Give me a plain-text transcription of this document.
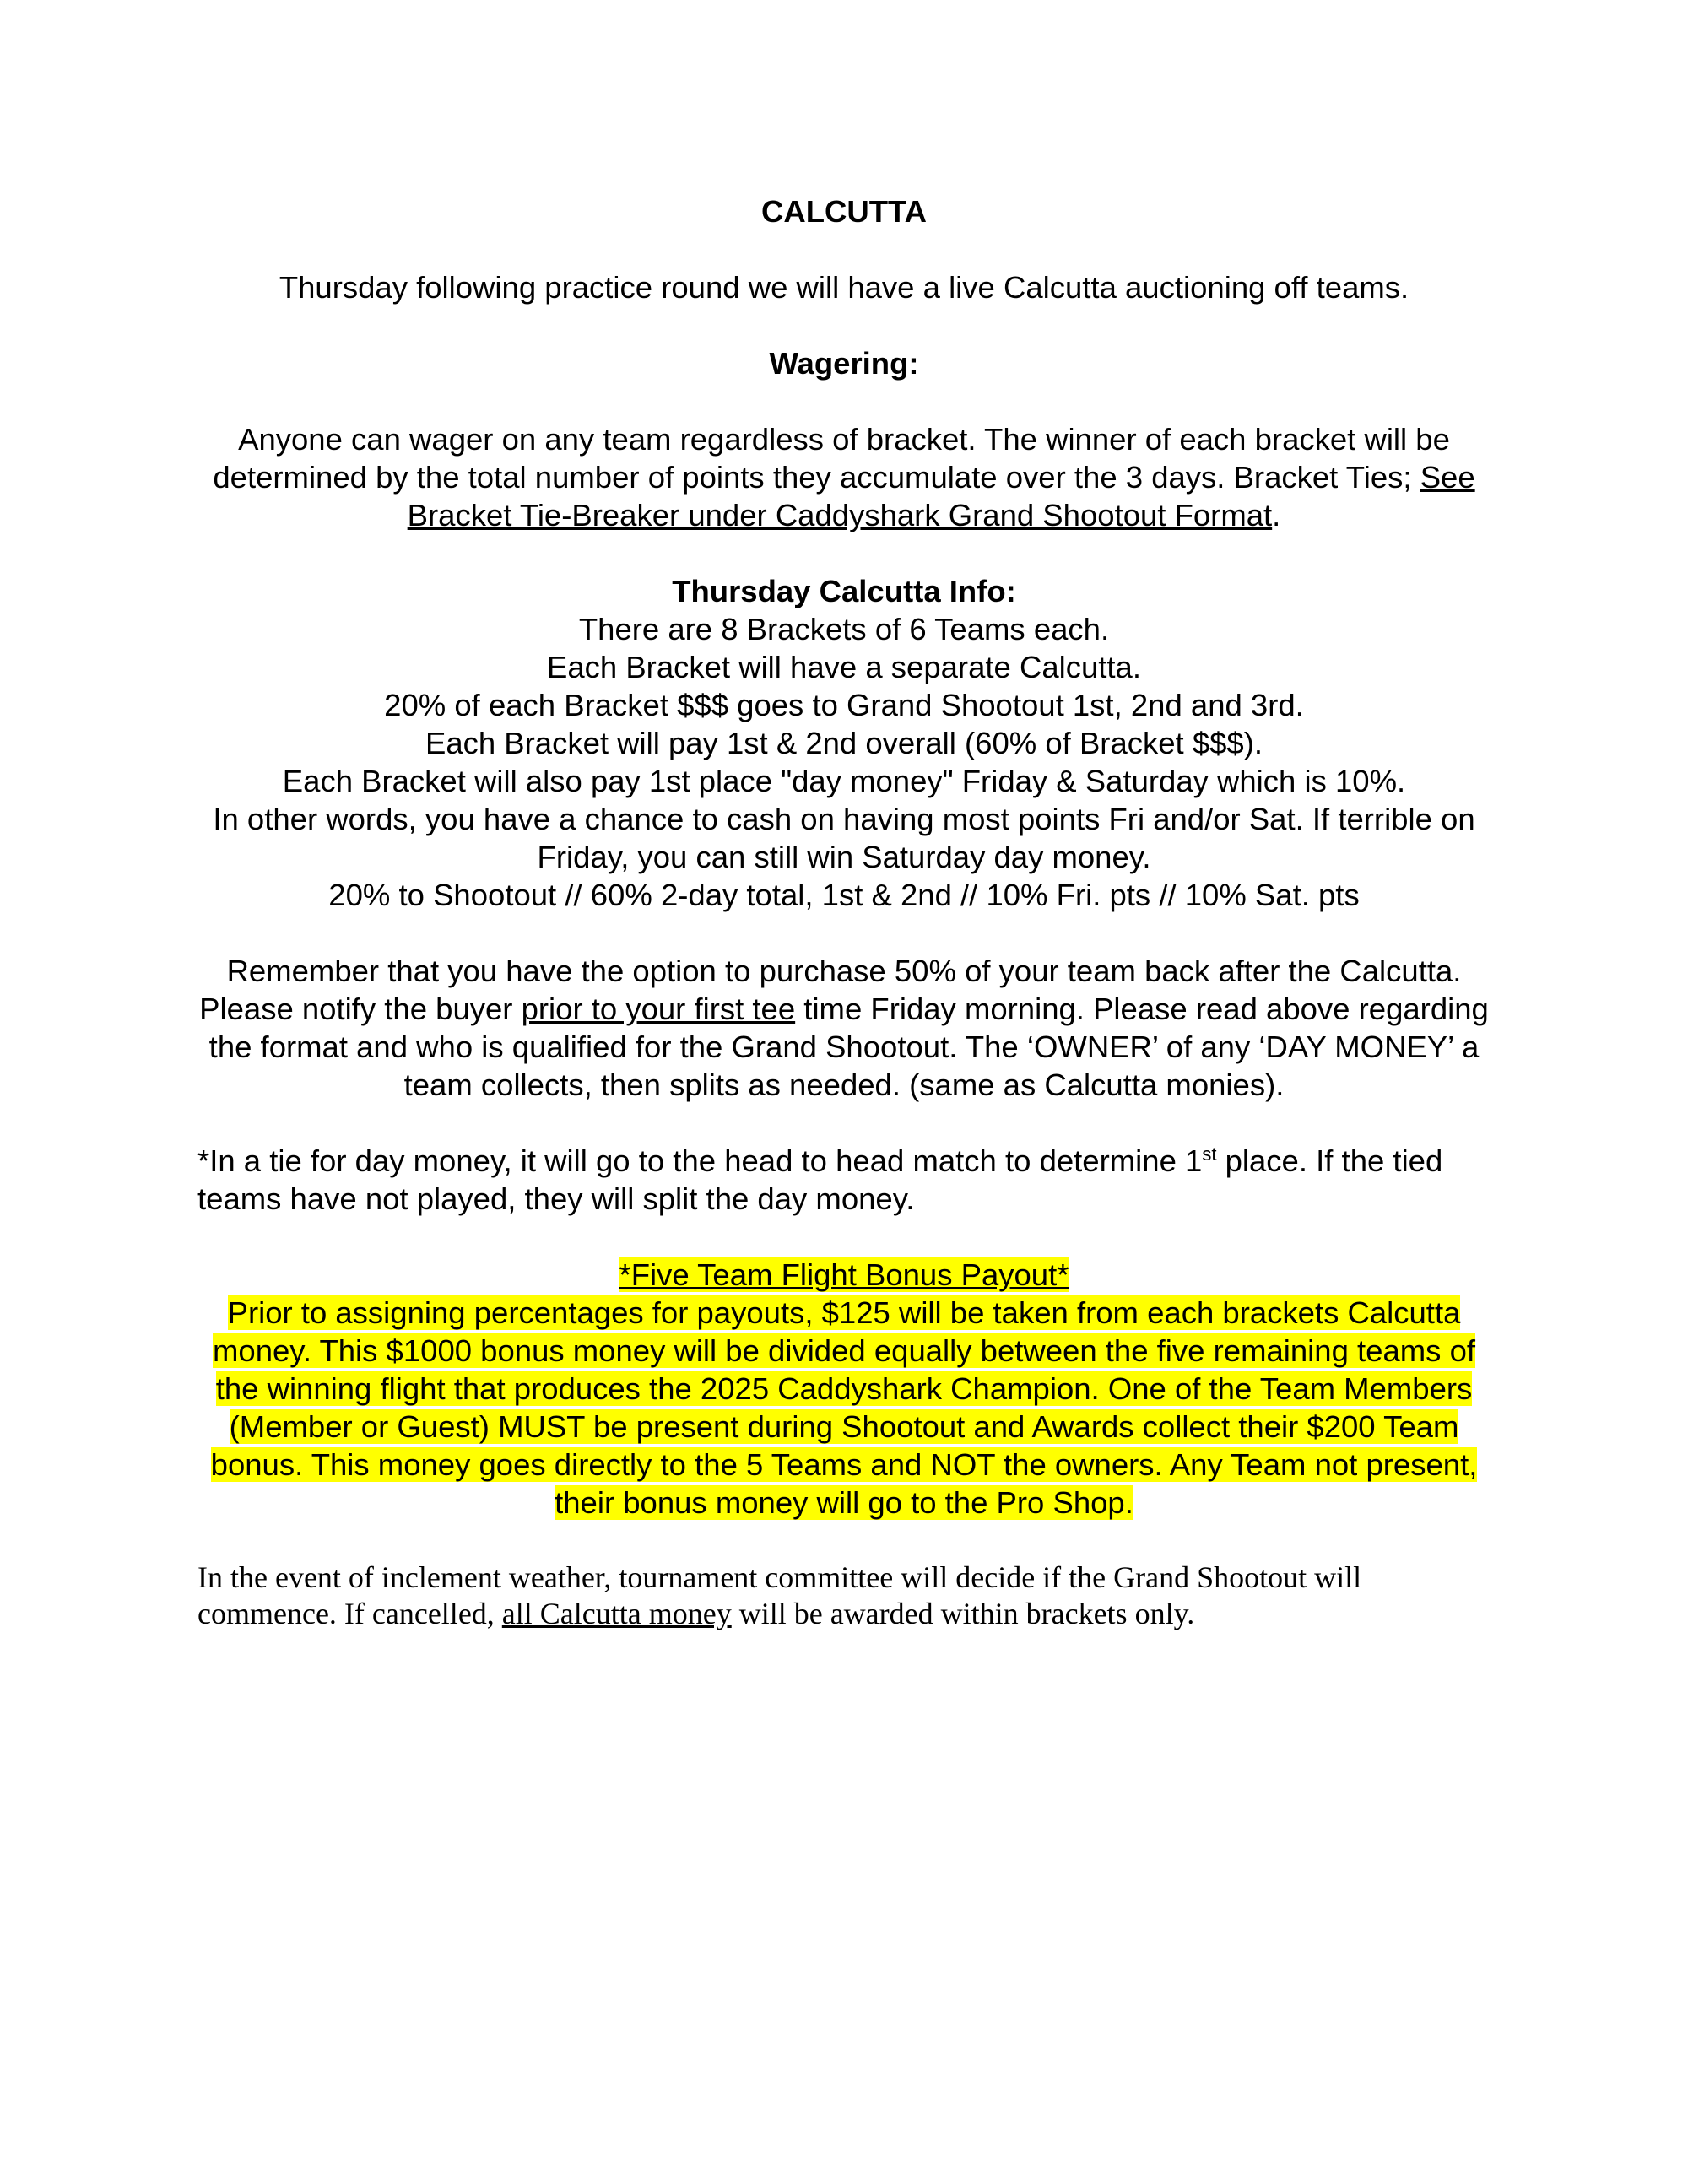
CALCUTTA

Thursday following practice round we will have a live Calcutta auctioning off teams.

Wagering:

Anyone can wager on any team regardless of bracket. The winner of each bracket will be determined by the total number of points they accumulate over the 3 days. Bracket Ties; See Bracket Tie-Breaker under Caddyshark Grand Shootout Format.

Thursday Calcutta Info:

There are 8 Brackets of 6 Teams each.

Each Bracket will have a separate Calcutta.

20% of each Bracket $$$ goes to Grand Shootout 1st, 2nd and 3rd.

Each Bracket will pay 1st & 2nd overall (60% of Bracket $$$).

Each Bracket will also pay 1st place "day money" Friday & Saturday which is 10%.

In other words, you have a chance to cash on having most points Fri and/or Sat. If terrible on Friday, you can still win Saturday day money.

20% to Shootout // 60% 2-day total, 1st & 2nd // 10% Fri. pts // 10% Sat. pts

Remember that you have the option to purchase 50% of your team back after the Calcutta. Please notify the buyer prior to your first tee time Friday morning. Please read above regarding the format and who is qualified for the Grand Shootout. The ‘OWNER’ of any ‘DAY MONEY’ a team collects, then splits as needed. (same as Calcutta monies).

*In a tie for day money, it will go to the head to head match to determine 1st place. If the tied teams have not played, they will split the day money.

*Five Team Flight Bonus Payout*

Prior to assigning percentages for payouts, $125 will be taken from each brackets Calcutta money. This $1000 bonus money will be divided equally between the five remaining teams of the winning flight that produces the 2025 Caddyshark Champion. One of the Team Members (Member or Guest) MUST be present during Shootout and Awards collect their $200 Team bonus. This money goes directly to the 5 Teams and NOT the owners. Any Team not present, their bonus money will go to the Pro Shop.

In the event of inclement weather, tournament committee will decide if the Grand Shootout will commence. If cancelled, all Calcutta money will be awarded within brackets only.
